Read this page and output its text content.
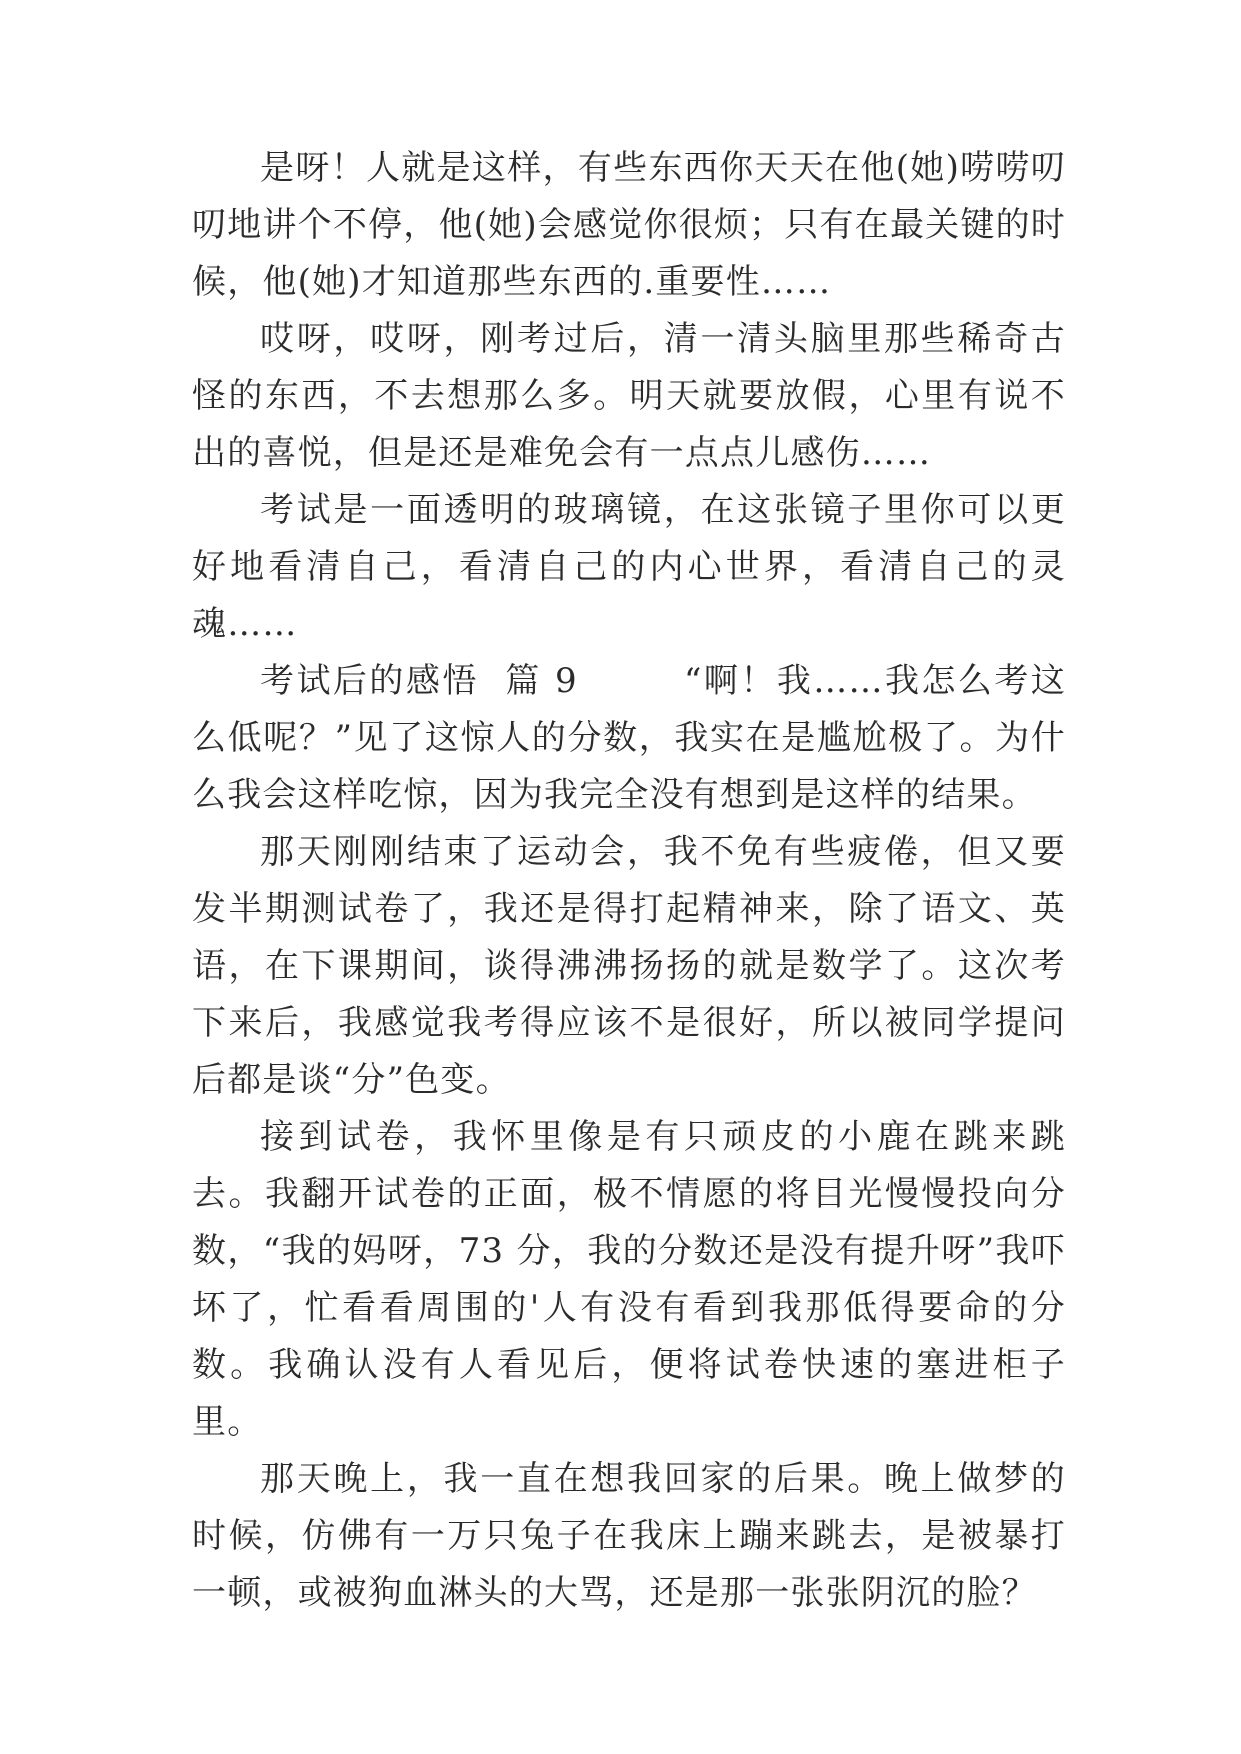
是呀！人就是这样，有些东西你天天在他(她)唠唠叨叨地讲个不停，他(她)会感觉你很烦；只有在最关键的时候，他(她)才知道那些东西的.重要性……

哎呀，哎呀，刚考过后，清一清头脑里那些稀奇古怪的东西，不去想那么多。明天就要放假，心里有说不出的喜悦，但是还是难免会有一点点儿感伤……

考试是一面透明的玻璃镜，在这张镜子里你可以更好地看清自己，看清自己的内心世界，看清自己的灵魂……

考试后的感悟  篇 9        “啊！我……我怎么考这么低呢？”见了这惊人的分数，我实在是尴尬极了。为什么我会这样吃惊，因为我完全没有想到是这样的结果。

那天刚刚结束了运动会，我不免有些疲倦，但又要发半期测试卷了，我还是得打起精神来，除了语文、英语，在下课期间，谈得沸沸扬扬的就是数学了。这次考下来后，我感觉我考得应该不是很好，所以被同学提问后都是谈“分”色变。

接到试卷，我怀里像是有只顽皮的小鹿在跳来跳去。我翻开试卷的正面，极不情愿的将目光慢慢投向分数，“我的妈呀，73 分，我的分数还是没有提升呀”我吓坏了，忙看看周围的'人有没有看到我那低得要命的分数。我确认没有人看见后，便将试卷快速的塞进柜子里。

那天晚上，我一直在想我回家的后果。晚上做梦的时候，仿佛有一万只兔子在我床上蹦来跳去，是被暴打一顿，或被狗血淋头的大骂，还是那一张张阴沉的脸？
